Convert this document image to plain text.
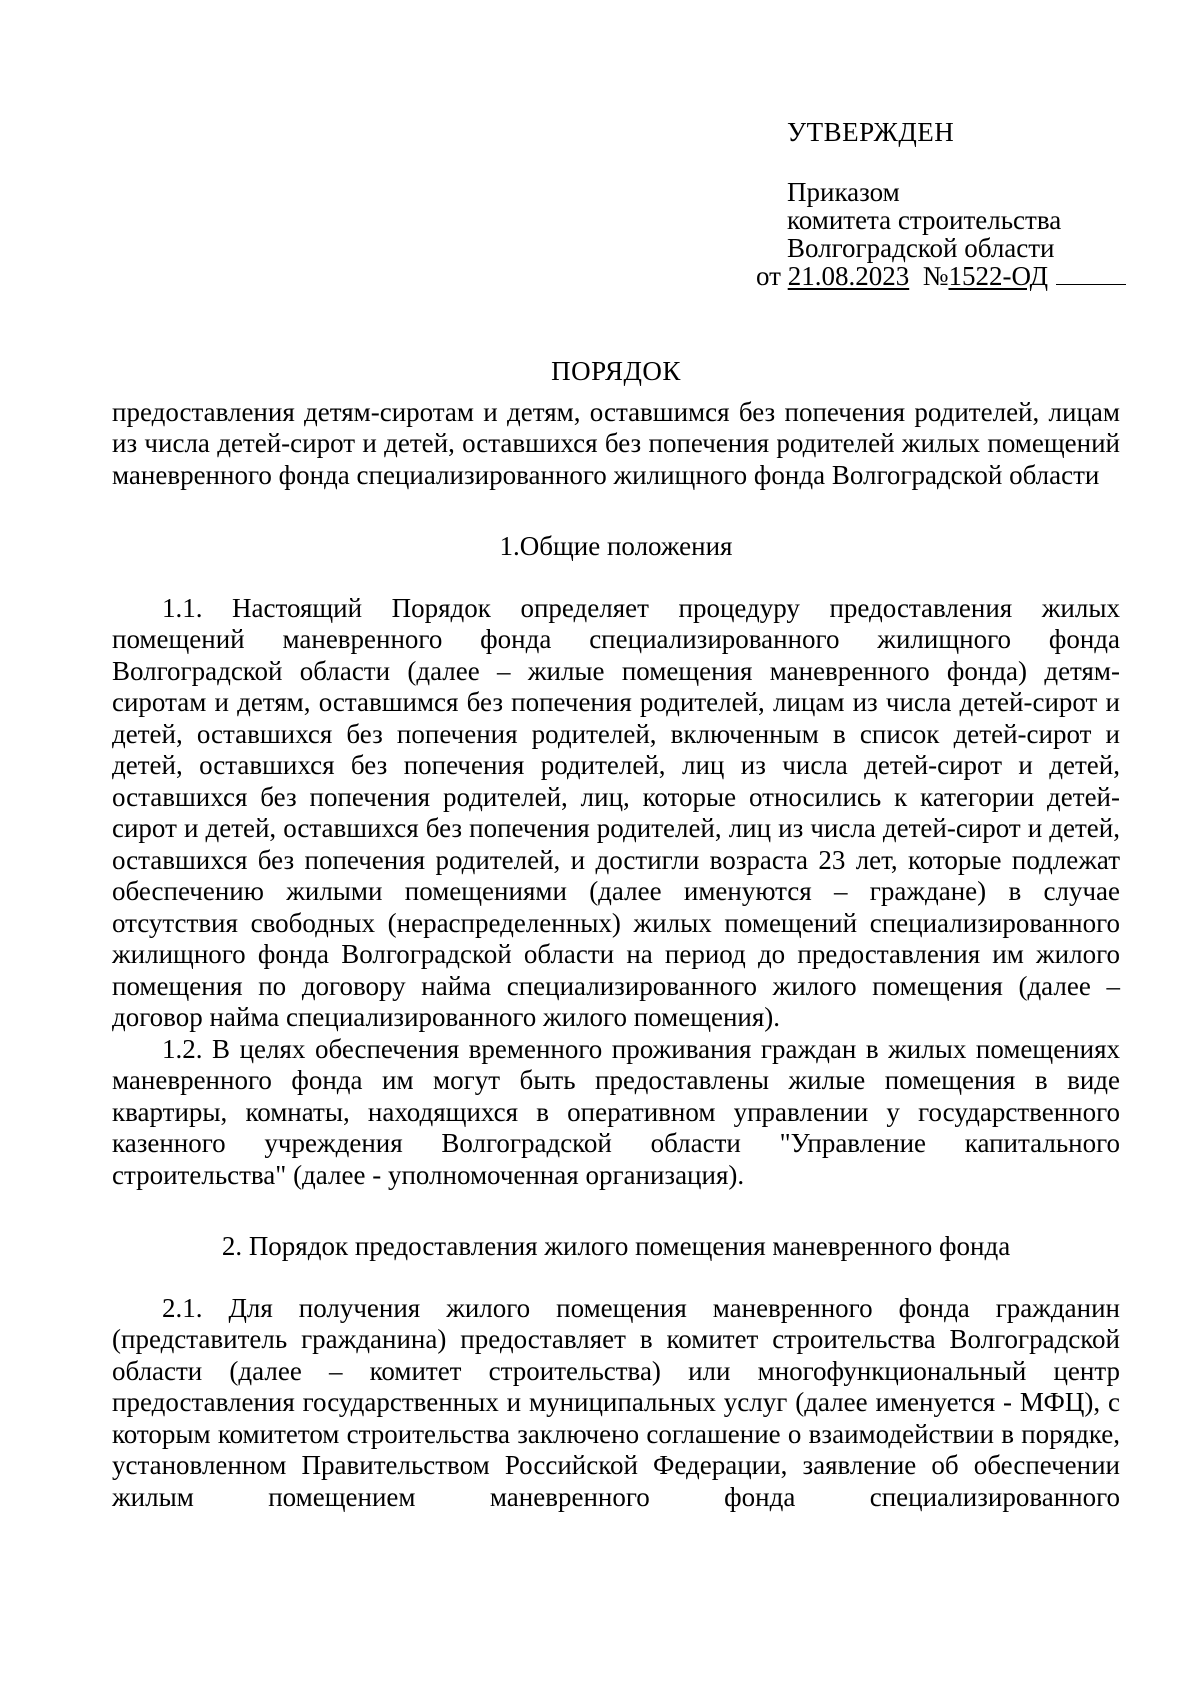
УТВЕРЖДЕН
Приказом
комитета строительства
Волгоградской области
от 21.08.2023 №1522-ОД
ПОРЯДОК

предоставления детям-сиротам и детям, оставшимся без попечения родителей, лицам из числа детей-сирот и детей, оставшихся без попечения родителей жилых помещений маневренного фонда специализированного жилищного фонда Волгоградской области

1.Общие положения

1.1. Настоящий Порядок определяет процедуру предоставления жилых помещений маневренного фонда специализированного жилищного фонда Волгоградской области (далее – жилые помещения маневренного фонда) детям-сиротам и детям, оставшимся без попечения родителей, лицам из числа детей-сирот и детей, оставшихся без попечения родителей, включенным в список детей-сирот и детей, оставшихся без попечения родителей, лиц из числа детей-сирот и детей, оставшихся без попечения родителей, лиц, которые относились к категории детей-сирот и детей, оставшихся без попечения родителей, лиц из числа детей-сирот и детей, оставшихся без попечения родителей, и достигли возраста 23 лет, которые подлежат обеспечению жилыми помещениями (далее именуются – граждане) в случае отсутствия свободных (нераспределенных) жилых помещений специализированного жилищного фонда Волгоградской области на период до предоставления им жилого помещения по договору найма специализированного жилого помещения (далее – договор найма специализированного жилого помещения).

1.2. В целях обеспечения временного проживания граждан в жилых помещениях маневренного фонда им могут быть предоставлены жилые помещения в виде квартиры, комнаты, находящихся в оперативном управлении у государственного казенного учреждения Волгоградской области "Управление капитального строительства" (далее - уполномоченная организация).

2. Порядок предоставления жилого помещения маневренного фонда

2.1. Для получения жилого помещения маневренного фонда гражданин (представитель гражданина) предоставляет в комитет строительства Волгоградской области (далее – комитет строительства) или многофункциональный центр предоставления государственных и муниципальных услуг (далее именуется - МФЦ), с которым комитетом строительства заключено соглашение о взаимодействии в порядке, установленном Правительством Российской Федерации, заявление об обеспечении жилым помещением маневренного фонда специализированного
